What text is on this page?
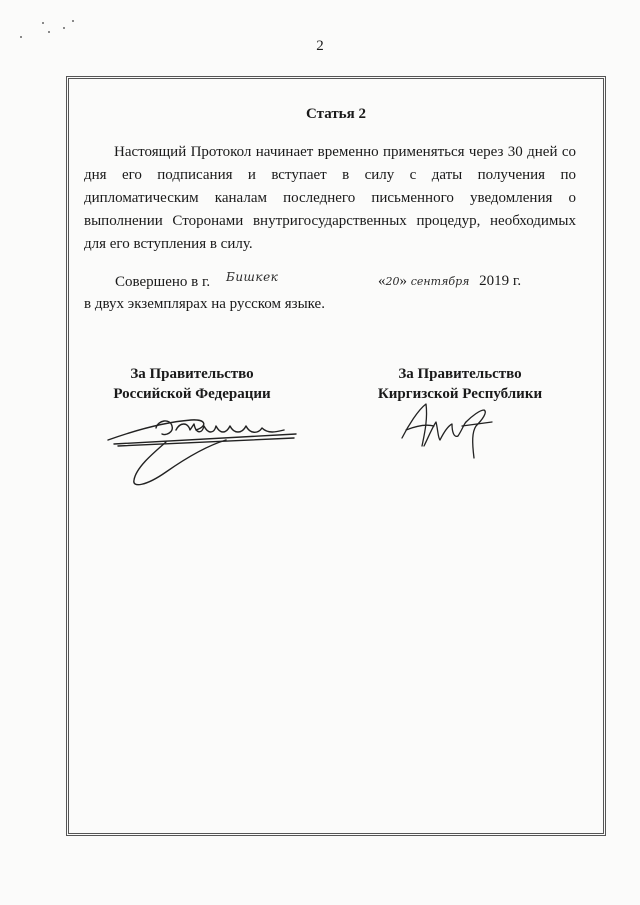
2
Статья 2

Настоящий Протокол начинает временно применяться через 30 дней со дня его подписания и вступает в силу с даты получения по дипломатическим каналам последнего письменного уведомления о выполнении Сторонами внутригосударственных процедур, необходимых для его вступления в силу.

Совершено в г. Бишкек	«20» сентября 2019 г.
в двух экземплярах на русском языке.
За Правительство
Российской Федерации
За Правительство
Киргизской Республики
